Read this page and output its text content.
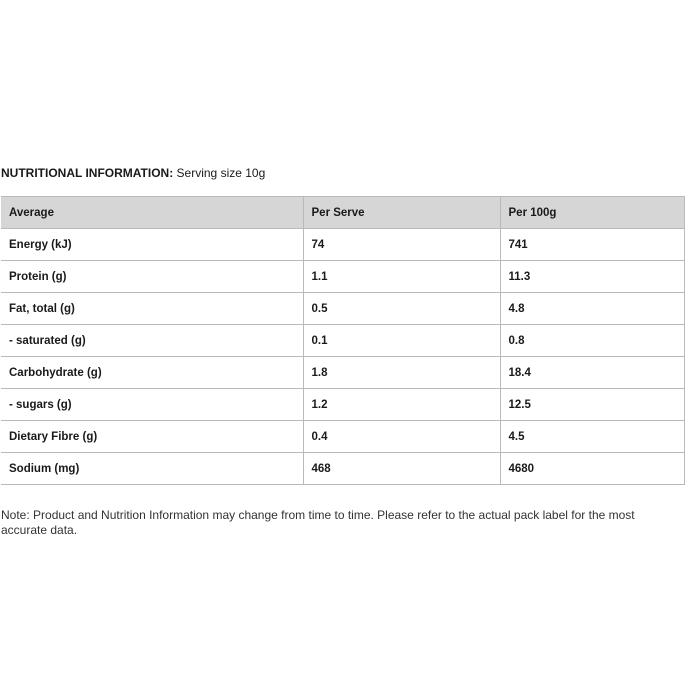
NUTRITIONAL INFORMATION: Serving size 10g
Average	Per Serve	Per 100g
Energy (kJ)	74	741
Protein (g)	1.1	11.3
Fat, total (g)	0.5	4.8
- saturated (g)	0.1	0.8
Carbohydrate (g)	1.8	18.4
- sugars (g)	1.2	12.5
Dietary Fibre (g)	0.4	4.5
Sodium (mg)	468	4680
Note: Product and Nutrition Information may change from time to time. Please refer to the actual pack label for the most accurate data.
